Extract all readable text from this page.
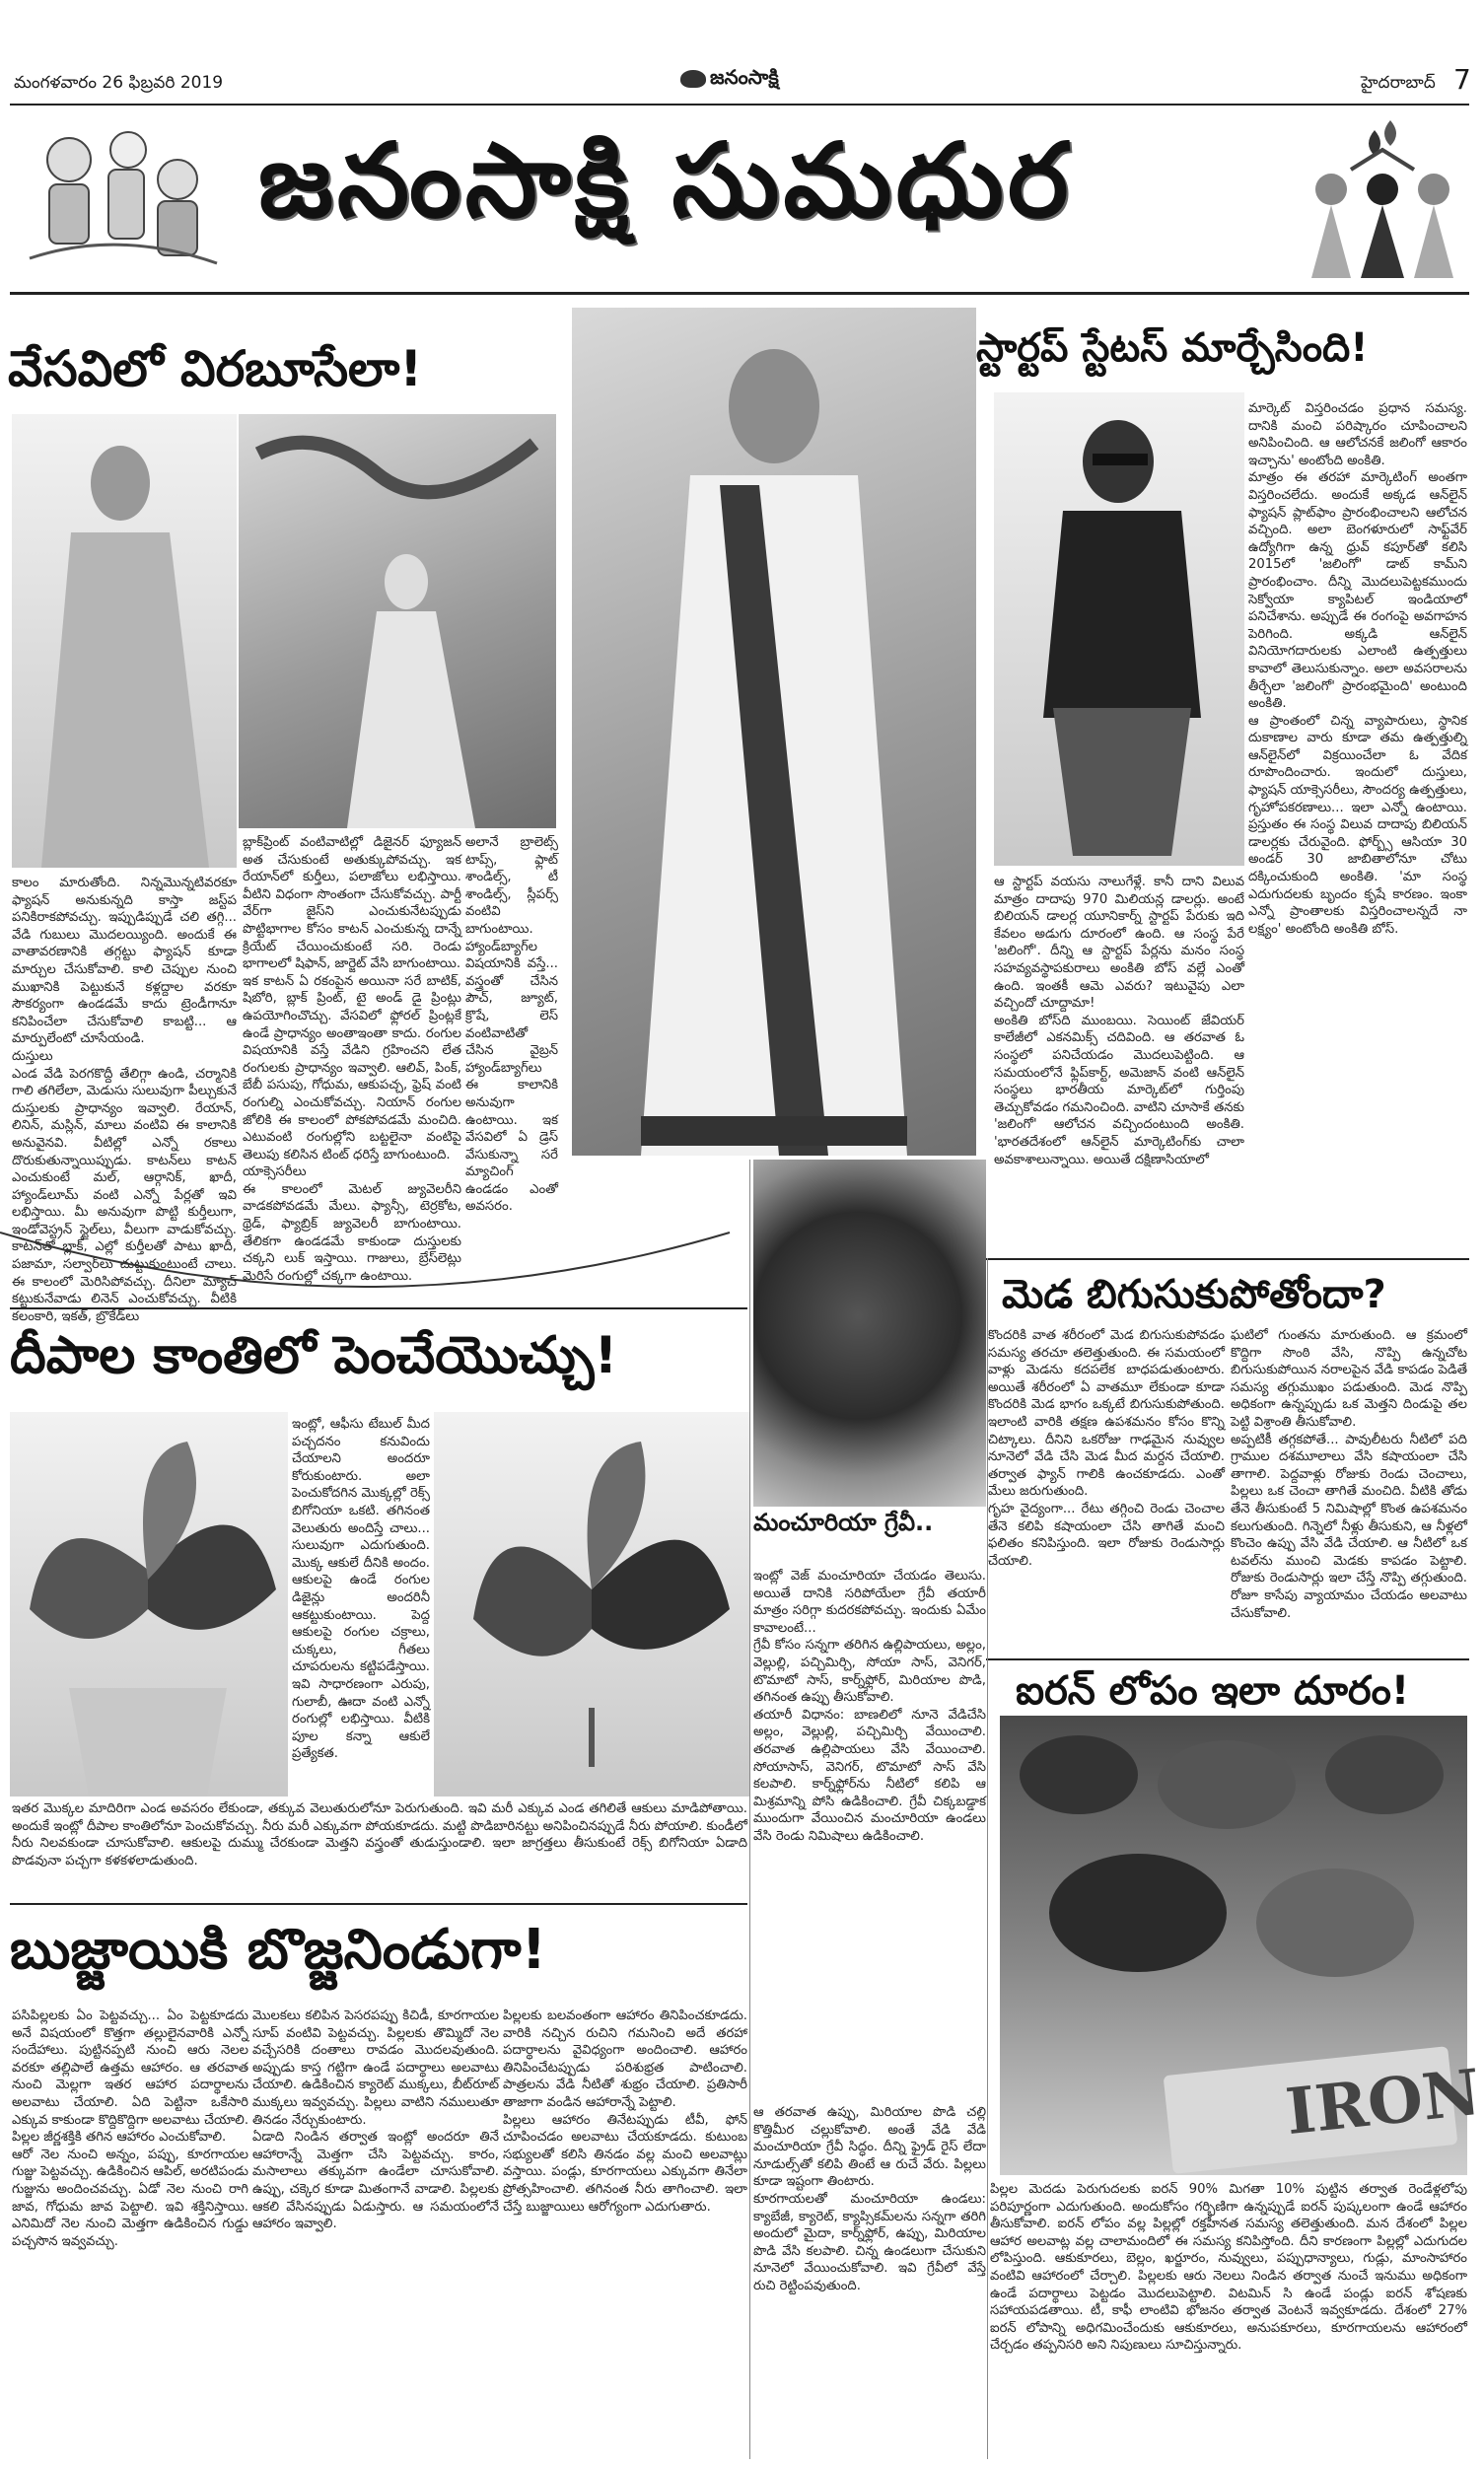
మంగళవారం 26 ఫిబ్రవరి 2019	జనంసాక్షి	హైదరాబాద్ 7
జనంసాక్షి సుమధుర
వేసవిలో విరబూసేలా!
కాలం మారుతోంది. నిన్నమొన్నటివరకూ ఫ్యాషన్ అనుకున్నది కాస్తా జస్ట్‌ప పనికిరాకపోవచ్చు. ఇప్పుడిప్పుడే చలి తగ్గి... వేడి గుబులు మొదలయ్యింది. అందుకే ఈ వాతావరణానికి తగ్గట్టు ఫ్యాషన్‌ కూడా మార్చుల చేసుకోవాలి. కాలి చెప్పుల నుంచి ముఖానికి పెట్టుకునే కళ్లద్దాల వరకూ సౌకర్యంగా ఉండడమే కాదు ట్రెండీగానూ కనిపించేలా చేసుకోవాలి కాబట్టి... ఆ మార్పులేంటో చూసేయండి.
దుస్తులు
ఎండ వేడి పెరగకొద్దీ తేలిగ్గా ఉండి, చర్మానికి గాలి తగిలేలా, మెడుసు సులువుగా పీల్చుకునే దుస్తులకు ప్రాధాన్యం ఇవ్వాలి. రేయాన్, లినిన్, మస్లిన్, మాలు వంటివి ఈ కాలానికి అనువైనవి. వీటిల్లో ఎన్నో రకాలు దొరుకుతున్నాయిప్పుడు. కాటన్‌లు కాటన్ ఎంచుకుంటే మల్, ఆర్గానిక్, ఖాదీ, హ్యాండ్‌లూమ్ వంటి ఎన్నో పేర్లతో ఇవి లభిస్తాయి. మీ అనువుగా పొట్టి కుర్తీలుగా, ఇండోవెస్ట్రన్ స్టైల్‌లు, వీలుగా వాడుకోవచ్చు. కాటన్‌తో బ్లాక్, ఎల్లో కుర్తీలతో పాటు ఖాదీ, పజామా, సల్వార్‌లు చుట్టుకుంటుంటే చాలు. ఈ కాలంలో మెరిసిపోవచ్చు. దీనిలా మ్యాచ్ కట్టుకునేవాడు లినెన్ ఎంచుకోవచ్చు. వీటికి కలంకారి, ఇకత్, బ్రొకేడ్‌లు
బ్లాక్‌ప్రింట్ వంటివాటిల్లో డిజైనర్ ఫ్యూజన్ అత చేసుకుంటే అతుక్కుపోవచ్చు. ఇక రేయాన్‌లో కుర్తీలు, పలాజోలు లభిస్తాయి. వీటిని విధంగా సొంతంగా చేసుకోవచ్చు. పార్టీ వేర్‌గా జైస్‌ని ఎంచుకునేటప్పుడు పొట్టిభాగాల కోసం కాటన్ ఎంచుకున్న దాన్నే క్రియేట్ చేయించుకుంటే సరి. రెండు భాగాలలో షిఫాన్, జార్జెట్ వేసి బాగుంటాయి.
ఇక కాటన్ ఏ రకంపైన అయినా సరే బాటిక్, షిబోరి, బ్లాక్ ప్రింట్, టై అండ్ డై ప్రింట్లు ఉపయోగించొచ్చు. వేసవిలో ఫ్లోరల్ ప్రింట్లకే ఉండే ప్రాధాన్యం అంతాఇంతా కాదు. రంగుల విషయానికి వస్తే వేడిని గ్రహించని లేత రంగులకు ప్రాధాన్యం ఇవ్వాలి. ఆలివ్, పింక్, బేబీ పసుపు, గోధుమ, ఆకుపచ్చ, ఫ్రెష్ వంటి రంగుల్ని ఎంచుకోవచ్చు. నియాన్ రంగుల జోలికి ఈ కాలంలో పోకపోవడమే మంచిది. ఎటువంటి రంగుల్లోని బట్టలైనా వంటిపై తెలుపు కలిసిన టింట్ ధరిస్తే బాగుంటుంది.
యాక్సెసరీలు
ఈ కాలంలో మెటల్ జ్యువెలరీని వాడకపోవడమే మేలు. ఫ్యాన్సీ, టెర్రకోట, థ్రెడ్, ఫ్యాబ్రిక్ జ్యువెలరీ బాగుంటాయి. తేలికగా ఉండడమే కాకుండా దుస్తులకు చక్కని లుక్ ఇస్తాయి. గాజులు, బ్రేస్‌లెట్లు మెరిసే రంగుల్లో చక్కగా ఉంటాయి.
అలానే బ్రాలెట్స్ టాప్స్, ఫ్లాట్ శాండిల్స్, టీ శాండిల్స్, స్లీపర్స్ వంటివి బాగుంటాయి. హ్యాండ్‌బ్యాగ్‌ల విషయానికి వస్తే... వస్త్రంతో చేసిన పౌచ్, జ్యూట్, క్రొషే, లెస్ వంటివాటితో చేసిన వైబ్రన్ హ్యాండ్‌బ్యాగ్‌లు ఈ కాలానికి అనువుగా ఉంటాయి. ఇక వేసవిలో ఏ డ్రెస్ వేసుకున్నా సరే మ్యాచింగ్ ఉండడం ఎంతో అవసరం.
స్టార్టప్ స్టేటస్ మార్చేసింది!
ఆ స్టార్టప్ వయసు నాలుగేళ్లే. కానీ దాని విలువ మాత్రం దాదాపు 970 మిలియన్ల డాలర్లు. అంటే బిలియన్ డాలర్ల యూనికార్న్ స్టార్టప్ పేరుకు ఇది కేవలం అడుగు దూరంలో ఉంది. ఆ సంస్థ పేరే 'జలింగో'. దీన్ని ఆ స్టార్టప్‌ పేర్లను మనం సంస్థ సహవ్యవస్థాపకురాలు అంకితి బోస్ వల్లే ఎంతో ఉంది. ఇంతకీ ఆమె ఎవరు? ఇటువైపు ఎలా వచ్చిందో చూద్దామా!
అంకితి బోస్‌ది ముంబయి. సెయింట్ జేవియర్ కాలేజీలో ఎకనమిక్స్ చదివింది. ఆ తరవాత ఓ సంస్థలో పనిచేయడం మొదలుపెట్టింది. ఆ సమయంలోనే ఫ్లిప్‌కార్ట్, అమెజాన్ వంటి ఆన్‌లైన్ సంస్థలు భారతీయ మార్కెట్‌లో గుర్తింపు తెచ్చుకోవడం గమనించింది. వాటిని చూసాకే తనకు 'జలింగో' ఆలోచన వచ్చిందంటుంది అంకితి. 'భారతదేశంలో ఆన్‌లైన్ మార్కెటింగ్‌కు చాలా అవకాశాలున్నాయి. అయితే దక్షిణాసియాలో
మార్కెట్ విస్తరించడం ప్రధాన సమస్య. దానికి మంచి పరిష్కారం చూపించాలని అనిపించింది. ఆ ఆలోచనకే జలింగో ఆకారం ఇచ్చాను' అంటోంది అంకితి.
మాత్రం ఈ తరహా మార్కెటింగ్ అంతగా విస్తరించలేదు. అందుకే అక్కడ ఆన్‌లైన్ ఫ్యాషన్ ప్లాట్‌ఫాం ప్రారంభించాలని ఆలోచన వచ్చింది. అలా బెంగళూరులో సాఫ్ట్‌వేర్ ఉద్యోగిగా ఉన్న ధ్రువ్ కపూర్‌తో కలిసి 2015లో 'జలింగో' డాట్ కామ్‌ని ప్రారంభించాం. దీన్ని మొదలుపెట్టకముందు సెక్వోయా క్యాపిటల్ ఇండియాలో పనిచేశాను. అప్పుడే ఈ రంగంపై అవగాహన పెరిగింది. అక్కడి ఆన్‌లైన్ వినియోగదారులకు ఎలాంటి ఉత్పత్తులు కావాలో తెలుసుకున్నాం. అలా అవసరాలను తీర్చేలా 'జలింగో' ప్రారంభమైంది' అంటుంది అంకితి.
ఆ ప్రాంతంలో చిన్న వ్యాపారులు, స్థానిక దుకాణాల వారు కూడా తమ ఉత్పత్తుల్ని ఆన్‌లైన్‌లో విక్రయించేలా ఓ వేదిక రూపొందించారు. ఇందులో దుస్తులు, ఫ్యాషన్ యాక్సెసరీలు, సౌందర్య ఉత్పత్తులు, గృహోపకరణాలు... ఇలా ఎన్నో ఉంటాయి. ప్రస్తుతం ఈ సంస్థ విలువ దాదాపు బిలియన్ డాలర్లకు చేరువైంది. ఫోర్బ్స్ ఆసియా 30 అండర్ 30 జాబితాలోనూ చోటు దక్కించుకుంది అంకితి. 'మా సంస్థ ఎదుగుదలకు బృందం కృషే కారణం. ఇంకా ఎన్నో ప్రాంతాలకు విస్తరించాలన్నదే నా లక్ష్యం' అంటోంది అంకితి బోస్.
మెడ బిగుసుకుపోతోందా?
కొందరికి వాత శరీరంలో మెడ బిగుసుకుపోవడం సమస్య తరచూ తలెత్తుతుంది. ఈ సమయంలో వాళ్లు మెడను కదపలేక బాధపడుతుంటారు. అయితే శరీరంలో ఏ వాతమూ లేకుండా కూడా కొందరికి మెడ భాగం ఒక్కటే బిగుసుకుపోతుంది. ఇలాంటి వారికి తక్షణ ఉపశమనం కోసం కొన్ని చిట్కాలు. దీనిని ఒకరోజు గాఢమైన నువ్వుల నూనెలో వేడి చేసి మెడ మీద మర్దన చేయాలి. తర్వాత ఫ్యాన్ గాలికి ఉంచకూడదు. ఎంతో మేలు జరుగుతుంది.
గృహ వైద్యంగా... రేటు తగ్గించి రెండు చెంచాల తేనె కలిపి కషాయంలా చేసి తాగితే మంచి ఫలితం కనిపిస్తుంది. ఇలా రోజుకు రెండుసార్లు చేయాలి.
ఘటిలో గుంతను మారుతుంది. ఆ క్రమంలో కొద్దిగా సొంఠి వేసి, నొప్పి ఉన్నచోట బిగుసుకుపోయిన నరాలపైన వేడి కాపడం పెడితే సమస్య తగ్గుముఖం పడుతుంది. మెడ నొప్పి అధికంగా ఉన్నప్పుడు ఒక మెత్తని దిండుపై తల పెట్టి విశ్రాంతి తీసుకోవాలి.
అప్పటికీ తగ్గకపోతే... పావులీటరు నీటిలో పది గ్రాముల దశమూలాలు వేసి కషాయంలా చేసి తాగాలి. పెద్దవాళ్లు రోజుకు రెండు చెంచాలు, పిల్లలు ఒక చెంచా తాగితే మంచిది. వీటికి తోడు తేనె తీసుకుంటే 5 నిమిషాల్లో కొంత ఉపశమనం కలుగుతుంది. గిన్నెలో నీళ్లు తీసుకుని, ఆ నీళ్లలో కొంచెం ఉప్పు వేసి వేడి చేయాలి. ఆ నీటిలో ఒక టవల్‌ను ముంచి మెడకు కాపడం పెట్టాలి. రోజుకు రెండుసార్లు ఇలా చేస్తే నొప్పి తగ్గుతుంది. రోజూ కాసేపు వ్యాయామం చేయడం అలవాటు చేసుకోవాలి.
ఐరన్ లోపం ఇలా దూరం!
IRON
పిల్లల మెదడు పెరుగుదలకు ఐరన్ 90% మిగతా 10% పుట్టిన తర్వాత రెండేళ్లలోపు పరిపూర్ణంగా ఎదుగుతుంది. అందుకోసం గర్భిణిగా ఉన్నప్పుడే ఐరన్ పుష్కలంగా ఉండే ఆహారం తీసుకోవాలి. ఐరన్ లోపం వల్ల పిల్లల్లో రక్తహీనత సమస్య తలెత్తుతుంది. మన దేశంలో పిల్లల ఆహార అలవాట్ల వల్ల చాలామందిలో ఈ సమస్య కనిపిస్తోంది. దీని కారణంగా పిల్లల్లో ఎదుగుదల లోపిస్తుంది. ఆకుకూరలు, బెల్లం, ఖర్జూరం, నువ్వులు, పప్పుధాన్యాలు, గుడ్లు, మాంసాహారం వంటివి ఆహారంలో చేర్చాలి. పిల్లలకు ఆరు నెలలు నిండిన తర్వాత నుంచే ఇనుము అధికంగా ఉండే పదార్థాలు పెట్టడం మొదలుపెట్టాలి. విటమిన్ సి ఉండే పండ్లు ఐరన్ శోషణకు సహాయపడతాయి. టీ, కాఫీ లాంటివి భోజనం తర్వాత వెంటనే ఇవ్వకూడదు. దేశంలో 27% ఐరన్ లోపాన్ని అధిగమించేందుకు ఆకుకూరలు, అనుపకూరలు, కూరగాయలను ఆహారంలో చేర్చడం తప్పనిసరి అని నిపుణులు సూచిస్తున్నారు.
దీపాల కాంతిలో పెంచేయొచ్చు!
ఇంట్లో, ఆఫీసు టేబుల్ మీద పచ్చదనం కనువిందు చేయాలని అందరూ కోరుకుంటారు. అలా పెంచుకోదగిన మొక్కల్లో రెక్స్ బిగోనియా ఒకటి. తగినంత వెలుతురు అందిస్తే చాలు... సులువుగా ఎదుగుతుంది. మొక్క ఆకులే దీనికి అందం. ఆకులపై ఉండే రంగుల డిజైన్లు అందరినీ ఆకట్టుకుంటాయి. పెద్ద ఆకులపై రంగుల చక్రాలు, చుక్కలు, గీతలు చూపరులను కట్టిపడేస్తాయి. ఇవి సాధారణంగా ఎరుపు, గులాబీ, ఊదా వంటి ఎన్నో రంగుల్లో లభిస్తాయి. వీటికి పూల కన్నా ఆకులే ప్రత్యేకత.
ఇతర మొక్కల మాదిరిగా ఎండ అవసరం లేకుండా, తక్కువ వెలుతురులోనూ పెరుగుతుంది. ఇవి మరీ ఎక్కువ ఎండ తగిలితే ఆకులు మాడిపోతాయి. అందుకే ఇంట్లో దీపాల కాంతిలోనూ పెంచుకోవచ్చు. నీరు మరీ ఎక్కువగా పోయకూడదు. మట్టి పొడిబారినట్టు అనిపించినప్పుడే నీరు పోయాలి. కుండీలో నీరు నిలవకుండా చూసుకోవాలి. ఆకులపై దుమ్ము చేరకుండా మెత్తని వస్త్రంతో తుడుస్తుండాలి. ఇలా జాగ్రత్తలు తీసుకుంటే రెక్స్ బిగోనియా ఏడాది పొడవునా పచ్చగా కళకళలాడుతుంది.
మంచూరియా గ్రేవీ..
ఇంట్లో వెజ్ మంచూరియా చేయడం తెలుసు. అయితే దానికి సరిపోయేలా గ్రేవీ తయారీ మాత్రం సరిగ్గా కుదరకపోవచ్చు. ఇందుకు ఏమేం కావాలంటే...
గ్రేవీ కోసం సన్నగా తరిగిన ఉల్లిపాయలు, అల్లం, వెల్లుల్లి, పచ్చిమిర్చి, సోయా సాస్, వెనిగర్, టొమాటో సాస్, కార్న్‌ఫ్లోర్, మిరియాల పొడి, తగినంత ఉప్పు తీసుకోవాలి.
తయారీ విధానం: బాణలిలో నూనె వేడిచేసి అల్లం, వెల్లుల్లి, పచ్చిమిర్చి వేయించాలి. తరవాత ఉల్లిపాయలు వేసి వేయించాలి. సోయాసాస్, వెనిగర్, టొమాటో సాస్ వేసి కలపాలి. కార్న్‌ఫ్లోర్‌ను నీటిలో కలిపి ఆ మిశ్రమాన్ని పోసి ఉడికించాలి. గ్రేవీ చిక్కబడ్డాక ముందుగా వేయించిన మంచూరియా ఉండలు వేసి రెండు నిమిషాలు ఉడికించాలి.
ఆ తరవాత ఉప్పు, మిరియాల పొడి చల్లి కొత్తిమీర చల్లుకోవాలి. అంతే వేడి వేడి మంచూరియా గ్రేవీ సిద్ధం. దీన్ని ఫ్రైడ్ రైస్ లేదా నూడుల్స్‌తో కలిపి తింటే ఆ రుచే వేరు. పిల్లలు కూడా ఇష్టంగా తింటారు.
కూరగాయలతో మంచూరియా ఉండలు: క్యాబేజీ, క్యారెట్, క్యాప్సికమ్‌లను సన్నగా తరిగి అందులో మైదా, కార్న్‌ఫ్లోర్, ఉప్పు, మిరియాల పొడి వేసి కలపాలి. చిన్న ఉండలుగా చేసుకుని నూనెలో వేయించుకోవాలి. ఇవి గ్రేవీలో వేస్తే రుచి రెట్టింపవుతుంది.
బుజ్జాయికి బొజ్జనిండుగా!
పసిపిల్లలకు ఏం పెట్టవచ్చు... ఏం పెట్టకూడదు అనే విషయంలో కొత్తగా తల్లులైనవారికి ఎన్నో సందేహాలు. పుట్టినప్పటి నుంచి ఆరు నెలల వరకూ తల్లిపాలే ఉత్తమ ఆహారం. ఆ తరవాత నుంచి మెల్లగా ఇతర ఆహార పదార్థాలను అలవాటు చేయాలి. ఏది పెట్టినా ఒకేసారి ఎక్కువ కాకుండా కొద్దికొద్దిగా అలవాటు చేయాలి. పిల్లల జీర్ణశక్తికి తగిన ఆహారం ఎంచుకోవాలి.
ఆరో నెల నుంచి అన్నం, పప్పు, కూరగాయల గుజ్జు పెట్టవచ్చు. ఉడికించిన ఆపిల్, అరటిపండు గుజ్జును అందించవచ్చు. ఏడో నెల నుంచి రాగి జావ, గోధుమ జావ పెట్టాలి. ఇవి శక్తినిస్తాయి. ఎనిమిదో నెల నుంచి మెత్తగా ఉడికించిన గుడ్డు పచ్చసొన ఇవ్వవచ్చు.
మొలకలు కలిపిన పెసరపప్పు కిచిడీ, కూరగాయల సూప్ వంటివి పెట్టవచ్చు. పిల్లలకు తొమ్మిదో నెల వచ్చేసరికి దంతాలు రావడం మొదలవుతుంది. అప్పుడు కాస్త గట్టిగా ఉండే పదార్థాలు అలవాటు చేయాలి. ఉడికించిన క్యారెట్ ముక్కలు, బీట్‌రూట్ ముక్కలు ఇవ్వవచ్చు. పిల్లలు వాటిని నములుతూ తినడం నేర్చుకుంటారు.
ఏడాది నిండిన తర్వాత ఇంట్లో అందరూ తినే ఆహారాన్నే మెత్తగా చేసి పెట్టవచ్చు. కారం, మసాలాలు తక్కువగా ఉండేలా చూసుకోవాలి. ఉప్పు, చక్కెర కూడా మితంగానే వాడాలి. పిల్లలకు ఆకలి వేసినప్పుడు ఏడుస్తారు. ఆ సమయంలోనే ఆహారం ఇవ్వాలి.
పిల్లలకు బలవంతంగా ఆహారం తినిపించకూడదు. వారికి నచ్చిన రుచిని గమనించి అదే తరహా పదార్థాలను వైవిధ్యంగా అందించాలి. ఆహారం తినిపించేటప్పుడు పరిశుభ్రత పాటించాలి. పాత్రలను వేడి నీటితో శుభ్రం చేయాలి. ప్రతిసారీ తాజాగా వండిన ఆహారాన్నే పెట్టాలి.
పిల్లలు ఆహారం తినేటప్పుడు టీవీ, ఫోన్ చూపించడం అలవాటు చేయకూడదు. కుటుంబ సభ్యులతో కలిసి తినడం వల్ల మంచి అలవాట్లు వస్తాయి. పండ్లు, కూరగాయలు ఎక్కువగా తినేలా ప్రోత్సహించాలి. తగినంత నీరు తాగించాలి. ఇలా చేస్తే బుజ్జాయిలు ఆరోగ్యంగా ఎదుగుతారు.
